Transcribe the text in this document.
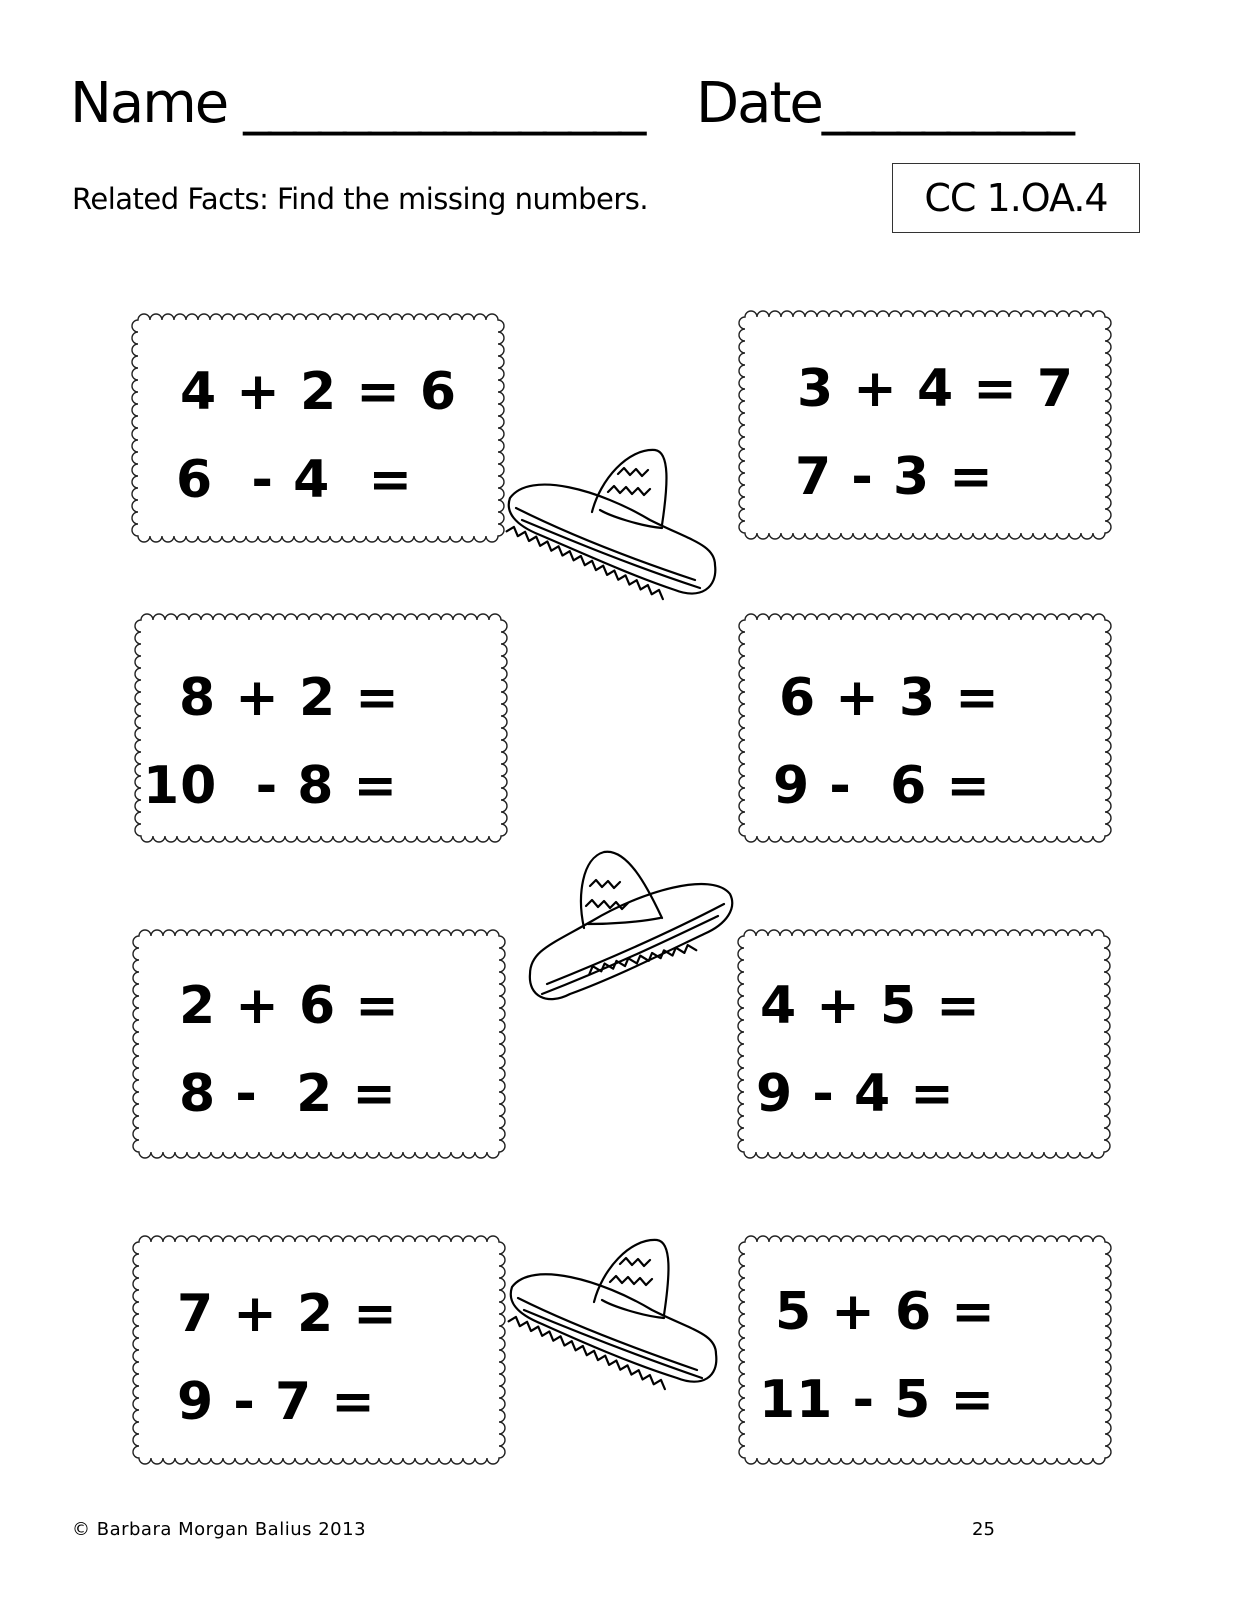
Name ________________ Date__________
Related Facts: Find the missing numbers.	CC 1.OA.4
4 + 2 = 6
6  - 4  =
3 + 4 = 7
7 - 3 =
8 + 2 =
10  - 8 =
6 + 3 =
9 -  6 =
2 + 6 =
8 -  2 =
4 + 5 =
9 - 4 =
7 + 2 =
9 - 7 =
5 + 6 =
11 - 5 =
© Barbara Morgan Balius 2013	25
